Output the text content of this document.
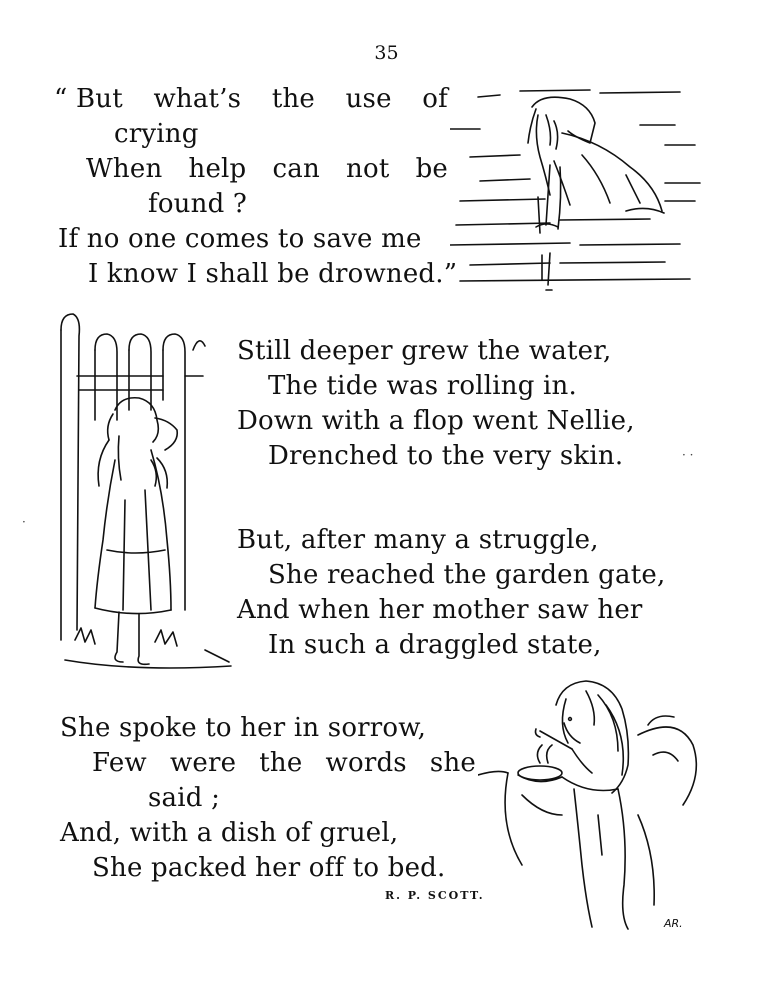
35
“ But what’s the use of
crying
When help can not be
found ?
If no one comes to save me
I know I shall be drowned.”
Still deeper grew the water,
The tide was rolling in.
Down with a flop went Nellie,
Drenched to the very skin.
But, after many a struggle,
She reached the garden gate,
And when her mother saw her
In such a draggled state,
She spoke to her in sorrow,
Few were the words she
said ;
And, with a dish of gruel,
She packed her off to bed.
R. P. SCOTT.
AR.
·
· ·
